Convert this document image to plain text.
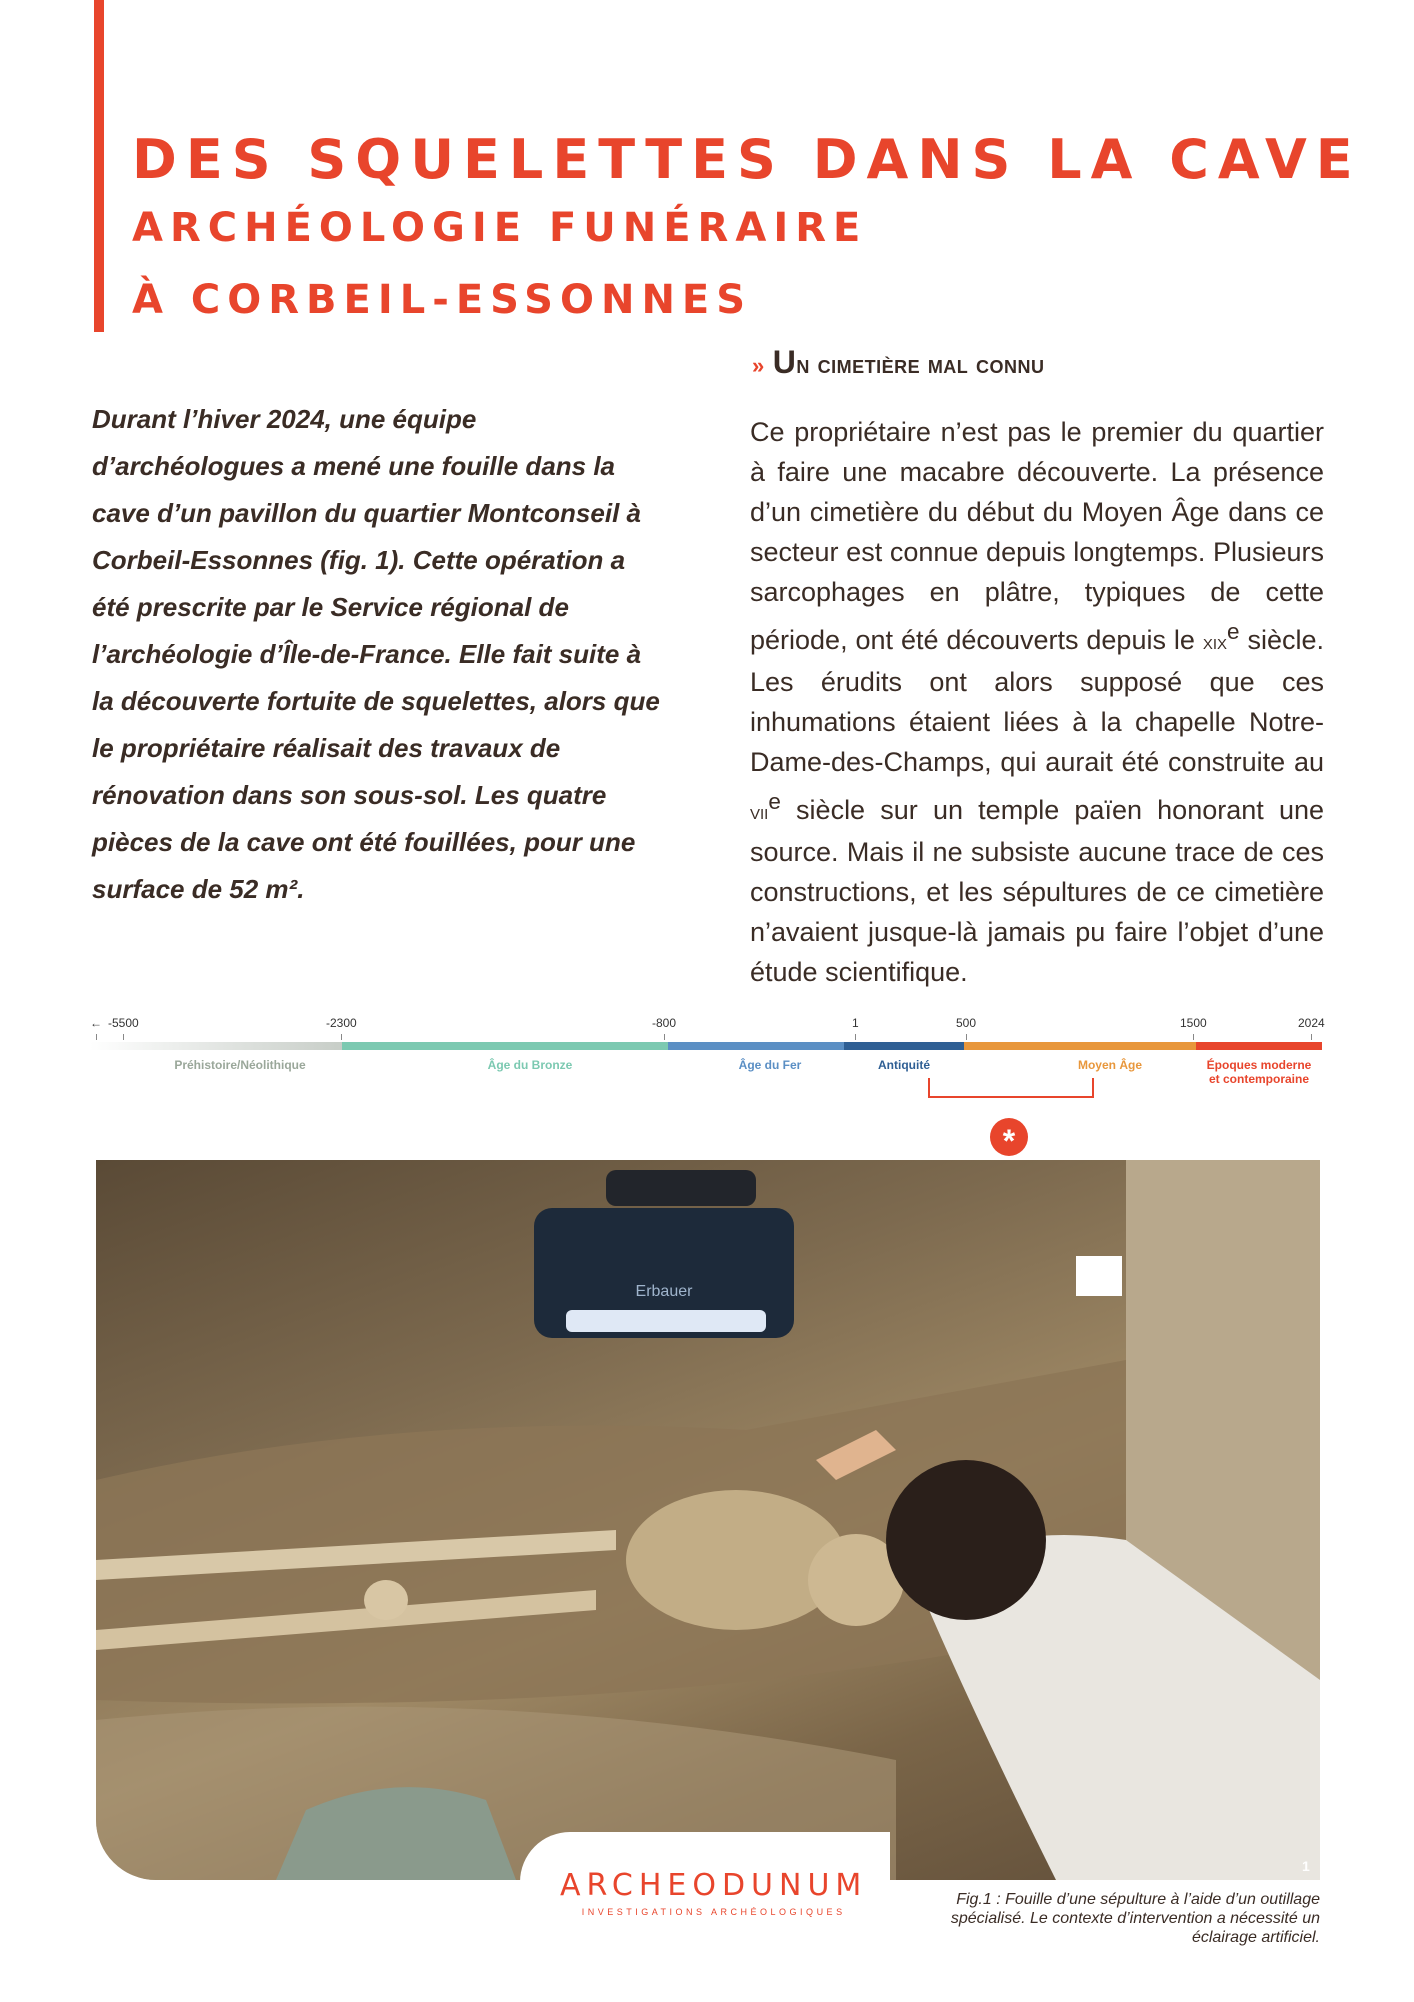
DES SQUELETTES DANS LA CAVE
ARCHÉOLOGIE FUNÉRAIRE
À CORBEIL-ESSONNES
Durant l’hiver 2024, une équipe d’archéologues a mené une fouille dans la cave d’un pavillon du quartier Montconseil à Corbeil-Essonnes (fig. 1). Cette opération a été prescrite par le Service régional de l’archéologie d’Île-de-France. Elle fait suite à la découverte fortuite de squelettes, alors que le propriétaire réalisait des travaux de rénovation dans son sous-sol. Les quatre pièces de la cave ont été fouillées, pour une surface de 52 m².
» Un cimetière mal connu
Ce propriétaire n’est pas le premier du quartier à faire une macabre découverte. La présence d’un cimetière du début du Moyen Âge dans ce secteur est connue depuis longtemps. Plusieurs sarcophages en plâtre, typiques de cette période, ont été découverts depuis le xix$^e$ siècle. Les érudits ont alors supposé que ces inhumations étaient liées à la chapelle Notre-Dame-des-Champs, qui aurait été construite au vii$^e$ siècle sur un temple païen honorant une source. Mais il ne subsiste aucune trace de ces constructions, et les sépultures de ce cimetière n’avaient jusque-là jamais pu faire l’objet d’une étude scientifique.
← -5500	-2300	-800	1	500	1500	2024
Préhistoire/Néolithique	Âge du Bronze	Âge du Fer	Antiquité	Moyen Âge	Époques moderne
et contemporaine
*
Erbauer
1
ARCHEODUNUM
INVESTIGATIONS ARCHÉOLOGIQUES
Fig.1 : Fouille d’une sépulture à l’aide d’un outillage spécialisé. Le contexte d’intervention a nécessité un éclairage artificiel.
